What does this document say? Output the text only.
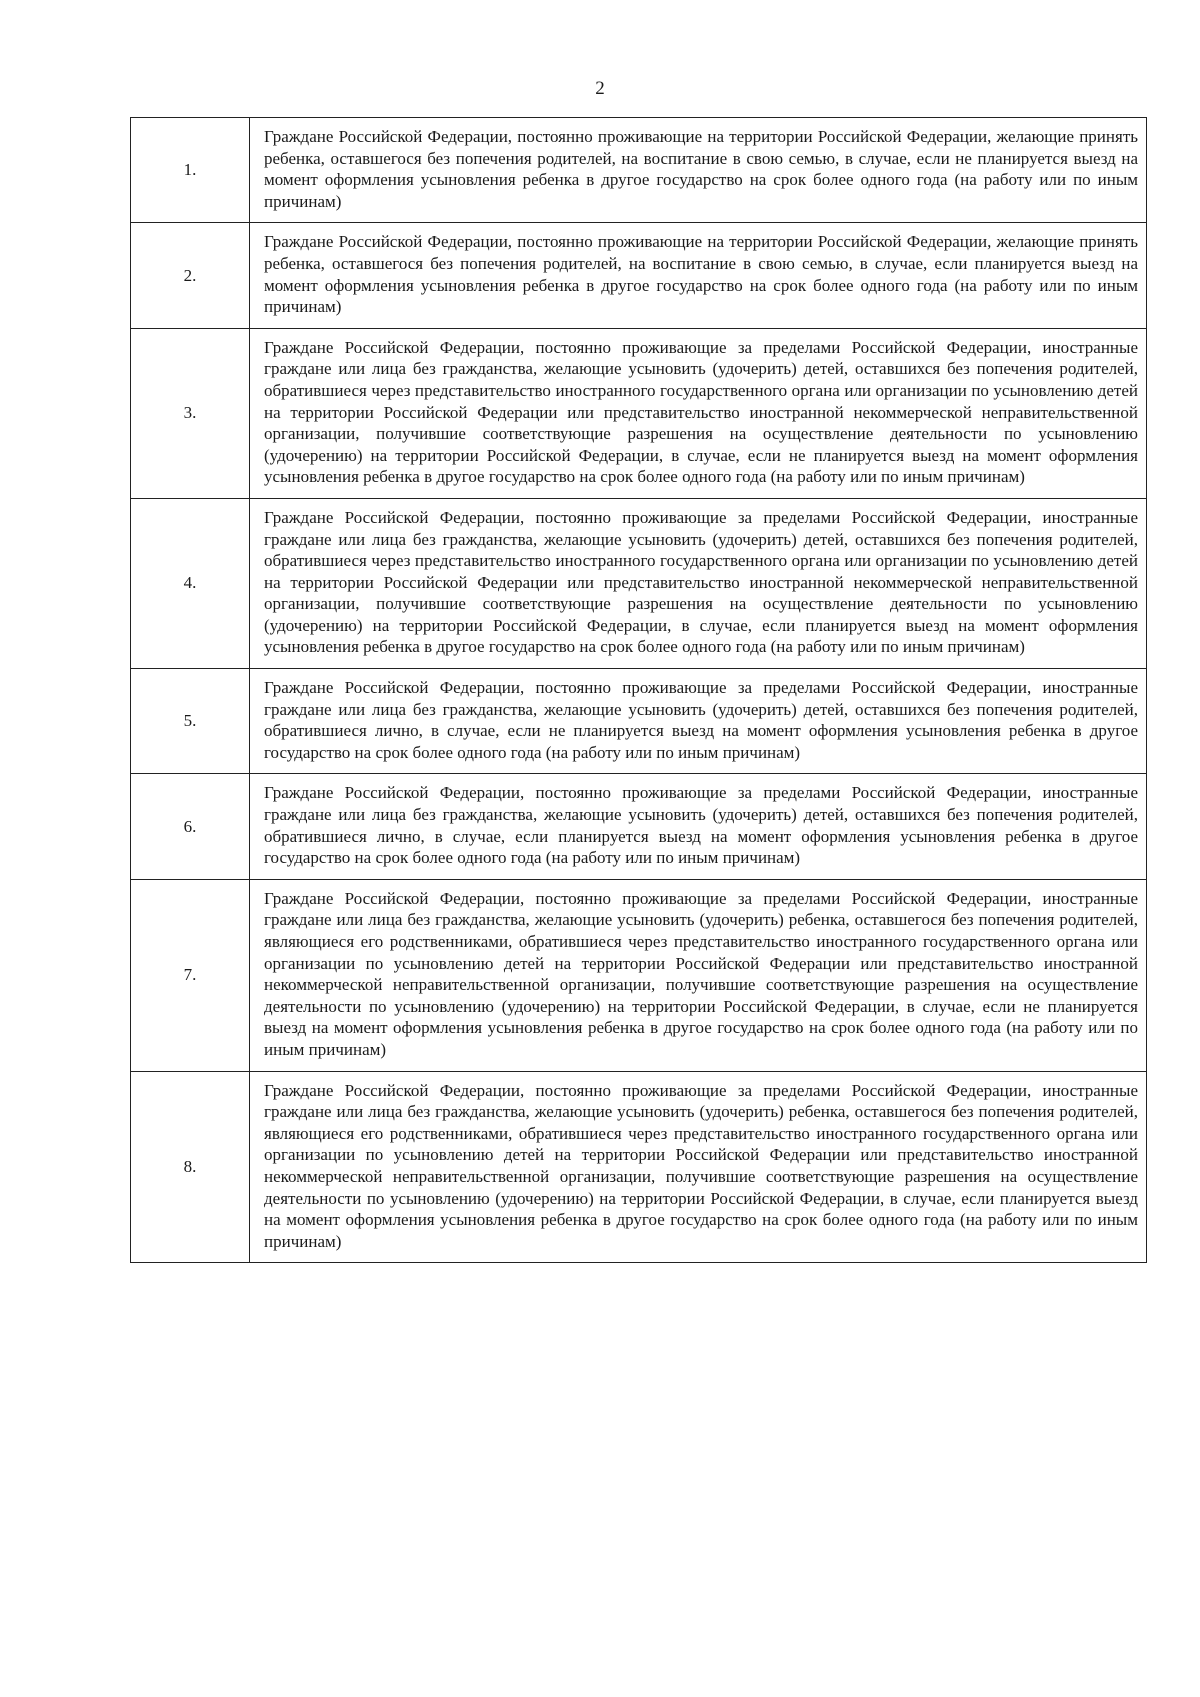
2
1.	Граждане Российской Федерации, постоянно проживающие на территории Российской Федерации, желающие принять ребенка, оставшегося без попечения родителей, на воспитание в свою семью, в случае, если не планируется выезд на момент оформления усыновления ребенка в другое государство на срок более одного года (на работу или по иным причинам)
2.	Граждане Российской Федерации, постоянно проживающие на территории Российской Федерации, желающие принять ребенка, оставшегося без попечения родителей, на воспитание в свою семью, в случае, если планируется выезд на момент оформления усыновления ребенка в другое государство на срок более одного года (на работу или по иным причинам)
3.	Граждане Российской Федерации, постоянно проживающие за пределами Российской Федерации, иностранные граждане или лица без гражданства, желающие усыновить (удочерить) детей, оставшихся без попечения родителей, обратившиеся через представительство иностранного государственного органа или организации по усыновлению детей на территории Российской Федерации или представительство иностранной некоммерческой неправительственной организации, получившие соответствующие разрешения на осуществление деятельности по усыновлению (удочерению) на территории Российской Федерации, в случае, если не планируется выезд на момент оформления усыновления ребенка в другое государство на срок более одного года (на работу или по иным причинам)
4.	Граждане Российской Федерации, постоянно проживающие за пределами Российской Федерации, иностранные граждане или лица без гражданства, желающие усыновить (удочерить) детей, оставшихся без попечения родителей, обратившиеся через представительство иностранного государственного органа или организации по усыновлению детей на территории Российской Федерации или представительство иностранной некоммерческой неправительственной организации, получившие соответствующие разрешения на осуществление деятельности по усыновлению (удочерению) на территории Российской Федерации, в случае, если планируется выезд на момент оформления усыновления ребенка в другое государство на срок более одного года (на работу или по иным причинам)
5.	Граждане Российской Федерации, постоянно проживающие за пределами Российской Федерации, иностранные граждане или лица без гражданства, желающие усыновить (удочерить) детей, оставшихся без попечения родителей, обратившиеся лично, в случае, если не планируется выезд на момент оформления усыновления ребенка в другое государство на срок более одного года (на работу или по иным причинам)
6.	Граждане Российской Федерации, постоянно проживающие за пределами Российской Федерации, иностранные граждане или лица без гражданства, желающие усыновить (удочерить) детей, оставшихся без попечения родителей, обратившиеся лично, в случае, если планируется выезд на момент оформления усыновления ребенка в другое государство на срок более одного года (на работу или по иным причинам)
7.	Граждане Российской Федерации, постоянно проживающие за пределами Российской Федерации, иностранные граждане или лица без гражданства, желающие усыновить (удочерить) ребенка, оставшегося без попечения родителей, являющиеся его родственниками, обратившиеся через представительство иностранного государственного органа или организации по усыновлению детей на территории Российской Федерации или представительство иностранной некоммерческой неправительственной организации, получившие соответствующие разрешения на осуществление деятельности по усыновлению (удочерению) на территории Российской Федерации, в случае, если не планируется выезд на момент оформления усыновления ребенка в другое государство на срок более одного года (на работу или по иным причинам)
8.	Граждане Российской Федерации, постоянно проживающие за пределами Российской Федерации, иностранные граждане или лица без гражданства, желающие усыновить (удочерить) ребенка, оставшегося без попечения родителей, являющиеся его родственниками, обратившиеся через представительство иностранного государственного органа или организации по усыновлению детей на территории Российской Федерации или представительство иностранной некоммерческой неправительственной организации, получившие соответствующие разрешения на осуществление деятельности по усыновлению (удочерению) на территории Российской Федерации, в случае, если планируется выезд на момент оформления усыновления ребенка в другое государство на срок более одного года (на работу или по иным причинам)
